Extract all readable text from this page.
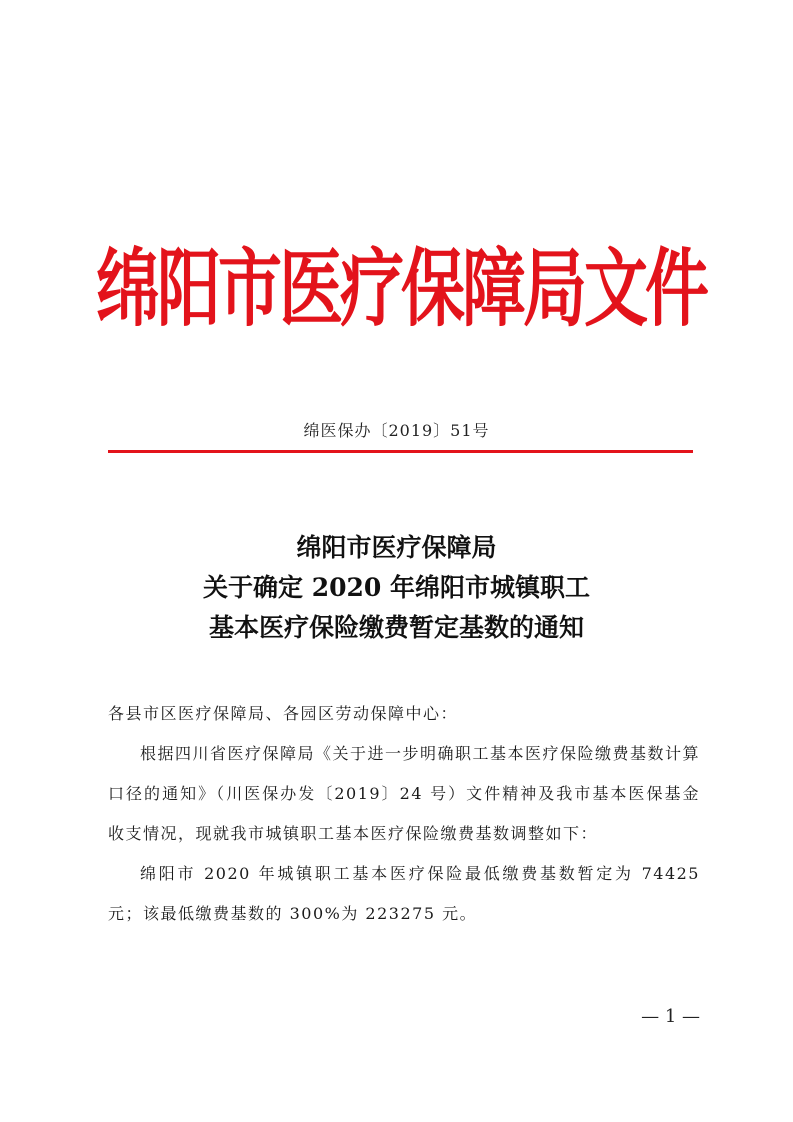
绵阳市医疗保障局文件
绵医保办〔2019〕51号
绵阳市医疗保障局
关于确定 2020 年绵阳市城镇职工
基本医疗保险缴费暂定基数的通知

各县市区医疗保障局、各园区劳动保障中心：

根据四川省医疗保障局《关于进一步明确职工基本医疗保险缴费基数计算口径的通知》（川医保办发〔2019〕24 号）文件精神及我市基本医保基金收支情况，现就我市城镇职工基本医疗保险缴费基数调整如下：

绵阳市 2020 年城镇职工基本医疗保险最低缴费基数暂定为 74425 元；该最低缴费基数的 300%为 223275 元。

— 1 —
